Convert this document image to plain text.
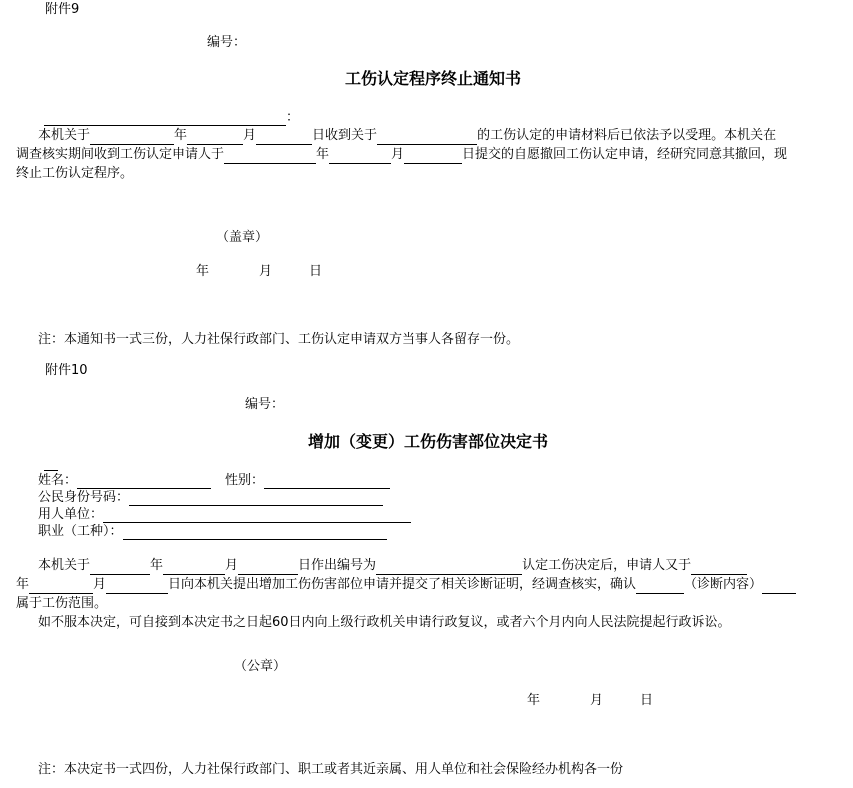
附件9
编号：
工伤认定程序终止通知书
：
本机关于	年	月	日收到关于	的工伤认定的申请材料后已依法予以受理。本机关在
调查核实期间收到工伤认定申请人于	年	月	日提交的自愿撤回工伤认定申请，经研究同意其撤回，现
终止工伤认定程序。
（盖章）
年	月	日
注：本通知书一式三份，人力社保行政部门、工伤认定申请双方当事人各留存一份。
附件10
编号：
增加（变更）工伤伤害部位决定书
姓名：	性别：
公民身份号码：
用人单位：
职业（工种）：
本机关于	年	月	日作出编号为	认定工伤决定后，申请人又于
年	月	日向本机关提出增加工伤伤害部位申请并提交了相关诊断证明，经调查核实，确认	（诊断内容）
属于工伤范围。
如不服本决定，可自接到本决定书之日起60日内向上级行政机关申请行政复议，或者六个月内向人民法院提起行政诉讼。
（公章）
年	月	日
注：本决定书一式四份，人力社保行政部门、职工或者其近亲属、用人单位和社会保险经办机构各一份
